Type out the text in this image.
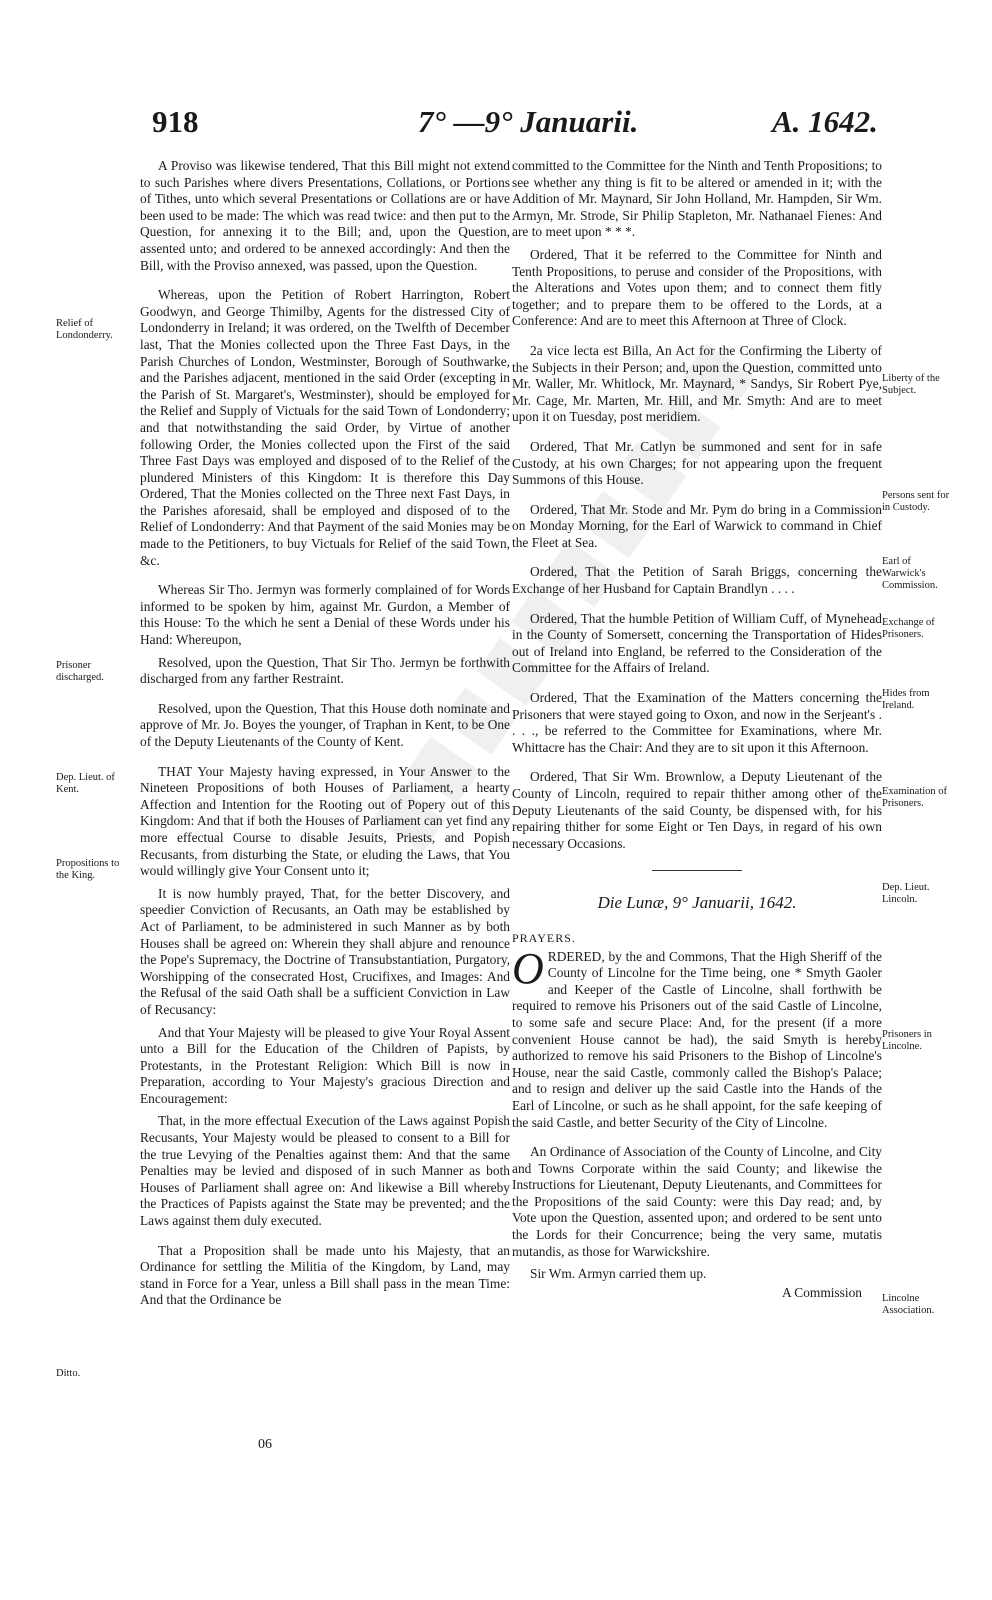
918	7° —9° Januarii.	A. 1642.

A Proviso was likewise tendered, That this Bill might not extend to such Parishes where divers Presentations, Collations, or Portions of Tithes, unto which several Presentations or Collations are or have been used to be made: The which was read twice: and then put to the Question, for annexing it to the Bill; and, upon the Question, assented unto; and ordered to be annexed accordingly: And then the Bill, with the Proviso annexed, was passed, upon the Question.

Whereas, upon the Petition of Robert Harrington, Robert Goodwyn, and George Thimilby, Agents for the distressed City of Londonderry in Ireland; it was ordered, on the Twelfth of December last, That the Monies collected upon the Three Fast Days, in the Parish Churches of London, Westminster, Borough of Southwarke, and the Parishes adjacent, mentioned in the said Order (excepting in the Parish of St. Margaret's, Westminster), should be employed for the Relief and Supply of Victuals for the said Town of Londonderry; and that notwithstanding the said Order, by Virtue of another following Order, the Monies collected upon the First of the said Three Fast Days was employed and disposed of to the Relief of the plundered Ministers of this Kingdom: It is therefore this Day Ordered, That the Monies collected on the Three next Fast Days, in the Parishes aforesaid, shall be employed and disposed of to the Relief of Londonderry: And that Payment of the said Monies may be made to the Petitioners, to buy Victuals for Relief of the said Town, &c.

Whereas Sir Tho. Jermyn was formerly complained of for Words informed to be spoken by him, against Mr. Gurdon, a Member of this House: To the which he sent a Denial of these Words under his Hand: Whereupon,

Resolved, upon the Question, That Sir Tho. Jermyn be forthwith discharged from any farther Restraint.

Resolved, upon the Question, That this House doth nominate and approve of Mr. Jo. Boyes the younger, of Traphan in Kent, to be One of the Deputy Lieutenants of the County of Kent.

THAT Your Majesty having expressed, in Your Answer to the Nineteen Propositions of both Houses of Parliament, a hearty Affection and Intention for the Rooting out of Popery out of this Kingdom: And that if both the Houses of Parliament can yet find any more effectual Course to disable Jesuits, Priests, and Popish Recusants, from disturbing the State, or eluding the Laws, that You would willingly give Your Consent unto it;

It is now humbly prayed, That, for the better Discovery, and speedier Conviction of Recusants, an Oath may be established by Act of Parliament, to be administered in such Manner as by both Houses shall be agreed on: Wherein they shall abjure and renounce the Pope's Supremacy, the Doctrine of Transubstantiation, Purgatory, Worshipping of the consecrated Host, Crucifixes, and Images: And the Refusal of the said Oath shall be a sufficient Conviction in Law of Recusancy:

And that Your Majesty will be pleased to give Your Royal Assent unto a Bill for the Education of the Children of Papists, by Protestants, in the Protestant Religion: Which Bill is now in Preparation, according to Your Majesty's gracious Direction and Encouragement:

That, in the more effectual Execution of the Laws against Popish Recusants, Your Majesty would be pleased to consent to a Bill for the true Levying of the Penalties against them: And that the same Penalties may be levied and disposed of in such Manner as both Houses of Parliament shall agree on: And likewise a Bill whereby the Practices of Papists against the State may be prevented; and the Laws against them duly executed.

That a Proposition shall be made unto his Majesty, that an Ordinance for settling the Militia of the Kingdom, by Land, may stand in Force for a Year, unless a Bill shall pass in the mean Time: And that the Ordinance be

Relief of Londonderry.
Prisoner discharged.
Dep. Lieut. of Kent.
Propositions to the King.
Ditto.

committed to the Committee for the Ninth and Tenth Propositions; to see whether any thing is fit to be altered or amended in it; with the Addition of Mr. Maynard, Sir John Holland, Mr. Hampden, Sir Wm. Armyn, Mr. Strode, Sir Philip Stapleton, Mr. Nathanael Fienes: And are to meet upon * * *.

Ordered, That it be referred to the Committee for Ninth and Tenth Propositions, to peruse and consider of the Propositions, with the Alterations and Votes upon them; and to connect them fitly together; and to prepare them to be offered to the Lords, at a Conference: And are to meet this Afternoon at Three of Clock.

2a vice lecta est Billa, An Act for the Confirming the Liberty of the Subjects in their Person; and, upon the Question, committed unto Mr. Waller, Mr. Whitlock, Mr. Maynard, * Sandys, Sir Robert Pye, Mr. Cage, Mr. Marten, Mr. Hill, and Mr. Smyth: And are to meet upon it on Tuesday, post meridiem.

Ordered, That Mr. Catlyn be summoned and sent for in safe Custody, at his own Charges; for not appearing upon the frequent Summons of this House.

Ordered, That Mr. Stode and Mr. Pym do bring in a Commission on Monday Morning, for the Earl of Warwick to command in Chief the Fleet at Sea.

Ordered, That the Petition of Sarah Briggs, concerning the Exchange of her Husband for Captain Brandlyn . . . .

Ordered, That the humble Petition of William Cuff, of Mynehead in the County of Somersett, concerning the Transportation of Hides out of Ireland into England, be referred to the Consideration of the Committee for the Affairs of Ireland.

Ordered, That the Examination of the Matters concerning the Prisoners that were stayed going to Oxon, and now in the Serjeant's . . . ., be referred to the Committee for Examinations, where Mr. Whittacre has the Chair: And they are to sit upon it this Afternoon.

Ordered, That Sir Wm. Brownlow, a Deputy Lieutenant of the County of Lincoln, required to repair thither among other of the Deputy Lieutenants of the said County, be dispensed with, for his repairing thither for some Eight or Ten Days, in regard of his own necessary Occasions.

Die Lunæ, 9° Januarii, 1642.
PRAYERS.

ORDERED, by the and Commons, That the High Sheriff of the County of Lincolne for the Time being, one * Smyth Gaoler and Keeper of the Castle of Lincolne, shall forthwith be required to remove his Prisoners out of the said Castle of Lincolne, to some safe and secure Place: And, for the present (if a more convenient House cannot be had), the said Smyth is hereby authorized to remove his said Prisoners to the Bishop of Lincolne's House, near the said Castle, commonly called the Bishop's Palace; and to resign and deliver up the said Castle into the Hands of the Earl of Lincolne, or such as he shall appoint, for the safe keeping of the said Castle, and better Security of the City of Lincolne.

An Ordinance of Association of the County of Lincolne, and City and Towns Corporate within the said County; and likewise the Instructions for Lieutenant, Deputy Lieutenants, and Committees for the Propositions of the said County: were this Day read; and, by Vote upon the Question, assented upon; and ordered to be sent unto the Lords for their Concurrence; being the very same, mutatis mutandis, as those for Warwickshire.

Sir Wm. Armyn carried them up.

A Commission
Liberty of the Subject.
Persons sent for in Custody.
Earl of Warwick's Commission.
Exchange of Prisoners.
Hides from Ireland.
Examination of Prisoners.
Dep. Lieut. Lincoln.
Prisoners in Lincolne.
Lincolne Association.
06
